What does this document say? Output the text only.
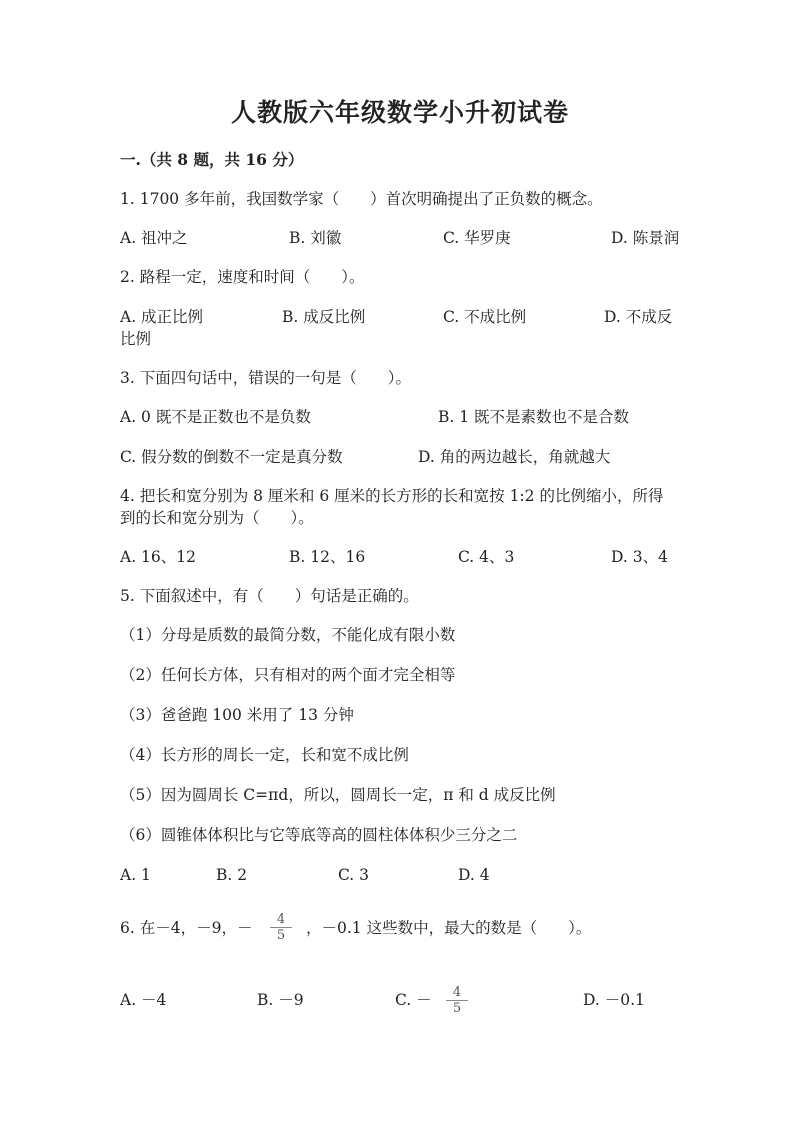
人教版六年级数学小升初试卷
一.（共 8 题，共 16 分）
1. 1700 多年前，我国数学家（　　）首次明确提出了正负数的概念。
A. 祖冲之	B. 刘徽	C. 华罗庚	D. 陈景润
2. 路程一定，速度和时间（　　）。
A. 成正比例	B. 成反比例	C. 不成比例	D. 不成反
比例
3. 下面四句话中，错误的一句是（　　）。
A. 0 既不是正数也不是负数	B. 1 既不是素数也不是合数
C. 假分数的倒数不一定是真分数	D. 角的两边越长，角就越大
4. 把长和宽分别为 8 厘米和 6 厘米的长方形的长和宽按 1:2 的比例缩小，所得
到的长和宽分别为（　　）。
A. 16、12	B. 12、16	C. 4、3	D. 3、4
5. 下面叙述中，有（　　）句话是正确的。
（1）分母是质数的最简分数，不能化成有限小数
（2）任何长方体，只有相对的两个面才完全相等
（3）爸爸跑 100 米用了 13 分钟
（4）长方形的周长一定，长和宽不成比例
（5）因为圆周长 C=πd，所以，圆周长一定，π 和 d 成反比例
（6）圆锥体体积比与它等底等高的圆柱体体积少三分之二
A. 1	B. 2	C. 3	D. 4
6. 在－4，－9，－ $\frac{4}{5}$ ，－0.1 这些数中，最大的数是（　　）。
A. －4	B. －9	C. － $\frac{4}{5}$	D. －0.1
